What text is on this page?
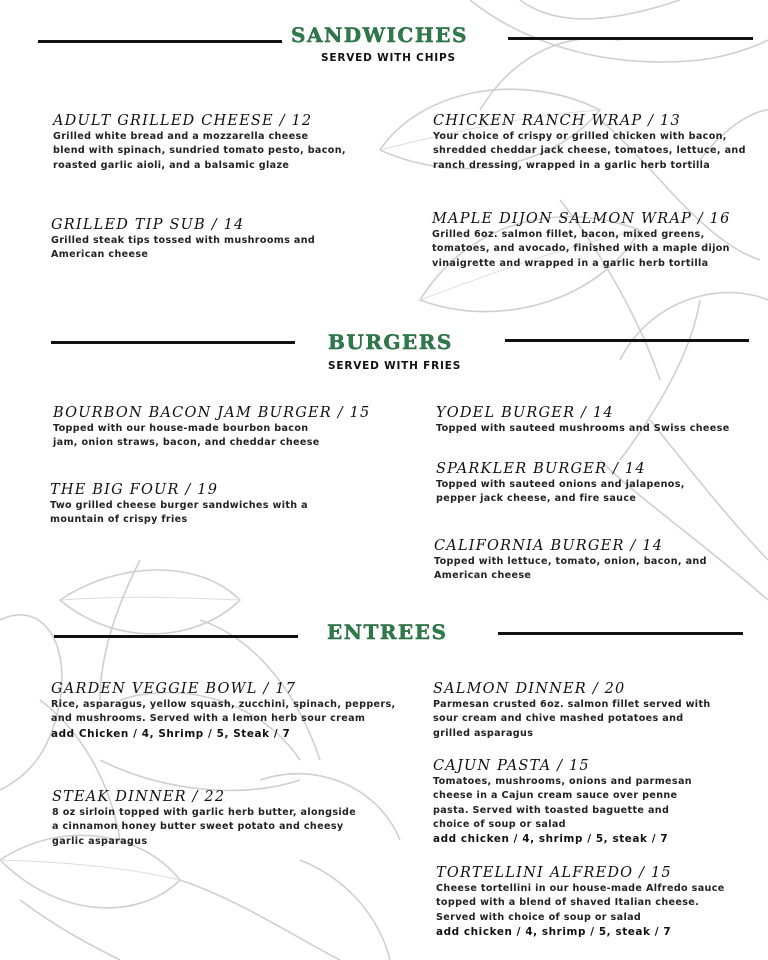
SANDWICHES
SERVED WITH CHIPS
ADULT GRILLED CHEESE / 12
Grilled white bread and a mozzarella cheese
blend with spinach, sundried tomato pesto, bacon,
roasted garlic aioli, and a balsamic glaze
CHICKEN RANCH WRAP / 13
Your choice of crispy or grilled chicken with bacon,
shredded cheddar jack cheese, tomatoes, lettuce, and
ranch dressing, wrapped in a garlic herb tortilla
GRILLED TIP SUB / 14
Grilled steak tips tossed with mushrooms and
American cheese
MAPLE DIJON SALMON WRAP / 16
Grilled 6oz. salmon fillet, bacon, mixed greens,
tomatoes, and avocado, finished with a maple dijon
vinaigrette and wrapped in a garlic herb tortilla
BURGERS
SERVED WITH FRIES
BOURBON BACON JAM BURGER / 15
Topped with our house-made bourbon bacon
jam, onion straws, bacon, and cheddar cheese
YODEL BURGER / 14
Topped with sauteed mushrooms and Swiss cheese
SPARKLER BURGER / 14
Topped with sauteed onions and jalapenos,
pepper jack cheese, and fire sauce
THE BIG FOUR / 19
Two grilled cheese burger sandwiches with a
mountain of crispy fries
CALIFORNIA BURGER / 14
Topped with lettuce, tomato, onion, bacon, and
American cheese
ENTREES
GARDEN VEGGIE BOWL / 17
Rice, asparagus, yellow squash, zucchini, spinach, peppers,
and mushrooms. Served with a lemon herb sour cream
add Chicken / 4, Shrimp / 5, Steak / 7
SALMON DINNER / 20
Parmesan crusted 6oz. salmon fillet served with
sour cream and chive mashed potatoes and
grilled asparagus
CAJUN PASTA / 15
Tomatoes, mushrooms, onions and parmesan
cheese in a Cajun cream sauce over penne
pasta. Served with toasted baguette and
choice of soup or salad
add chicken / 4, shrimp / 5, steak / 7
STEAK DINNER / 22
8 oz sirloin topped with garlic herb butter, alongside
a cinnamon honey butter sweet potato and cheesy
garlic asparagus
TORTELLINI ALFREDO / 15
Cheese tortellini in our house-made Alfredo sauce
topped with a blend of shaved Italian cheese.
Served with choice of soup or salad
add chicken / 4, shrimp / 5, steak / 7
